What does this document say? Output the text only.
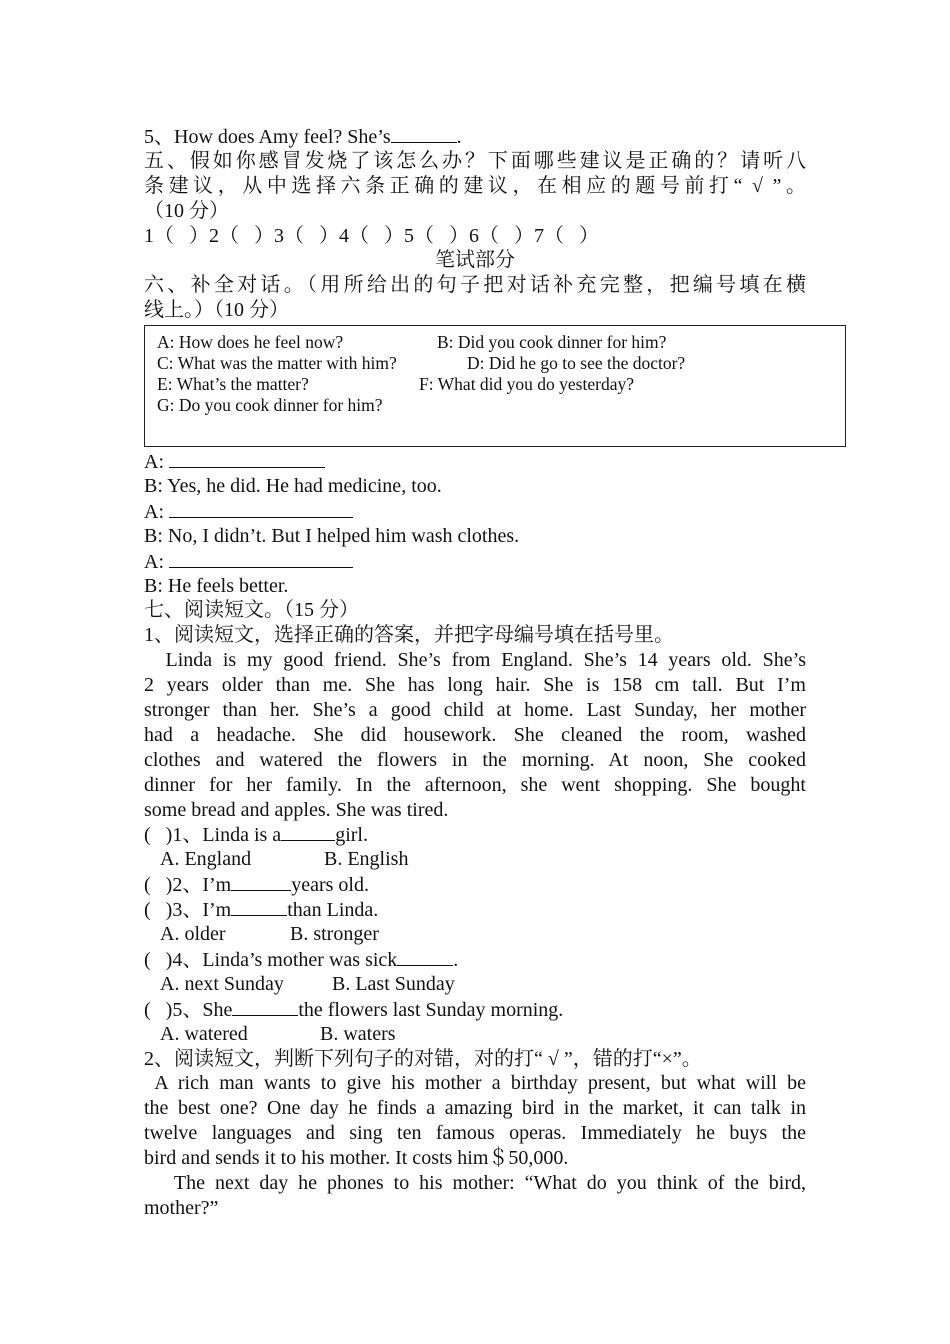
5、How does Amy feel? She’s	.
五、假如你感冒发烧了该怎么办？下面哪些建议是正确的？请听八
条建议，从中选择六条正确的建议，在相应的题号前打“ √ ”。
（10 分）
1（   ）2（   ）3（   ）4（   ）5（   ）6（   ）7（   ）
笔试部分
六、补全对话。（用所给出的句子把对话补充完整，把编号填在横
线上。）（10 分）
A: How does he feel now?	B: Did you cook dinner for him?
C: What was the matter with him?	D: Did he go to see the doctor?
E: What’s the matter?	F: What did you do yesterday?
G: Do you cook dinner for him?
A:
B: Yes, he did. He had medicine, too.
A:
B: No, I didn’t. But I helped him wash clothes.
A:
B: He feels better.
七、阅读短文。（15 分）
1、阅读短文，选择正确的答案，并把字母编号填在括号里。
Linda is my good friend. She’s from England. She’s 14 years old. She’s
2 years older than me. She has long hair. She is 158 cm tall. But I’m
stronger than her. She’s a good child at home. Last Sunday, her mother
had a headache. She did housework. She cleaned the room, washed
clothes and watered the flowers in the morning. At noon, She cooked
dinner for her family. In the afternoon, she went shopping. She bought
some bread and apples. She was tired.
(   )1、Linda is a	girl.
A. England	B. English
(   )2、I’m	years old.
(   )3、I’m	than Linda.
A. older	B. stronger
(   )4、Linda’s mother was sick	.
A. next Sunday B. Last Sunday
(   )5、She	the flowers last Sunday morning.
A. watered	B. waters
2、阅读短文，判断下列句子的对错，对的打“ √ ”，错的打“×”。
A rich man wants to give his mother a birthday present, but what will be
the best one? One day he finds a amazing bird in the market, it can talk in
twelve languages and sing ten famous operas. Immediately he buys the
bird and sends it to his mother. It costs him＄50,000.
The next day he phones to his mother: “What do you think of the bird,
mother?”
